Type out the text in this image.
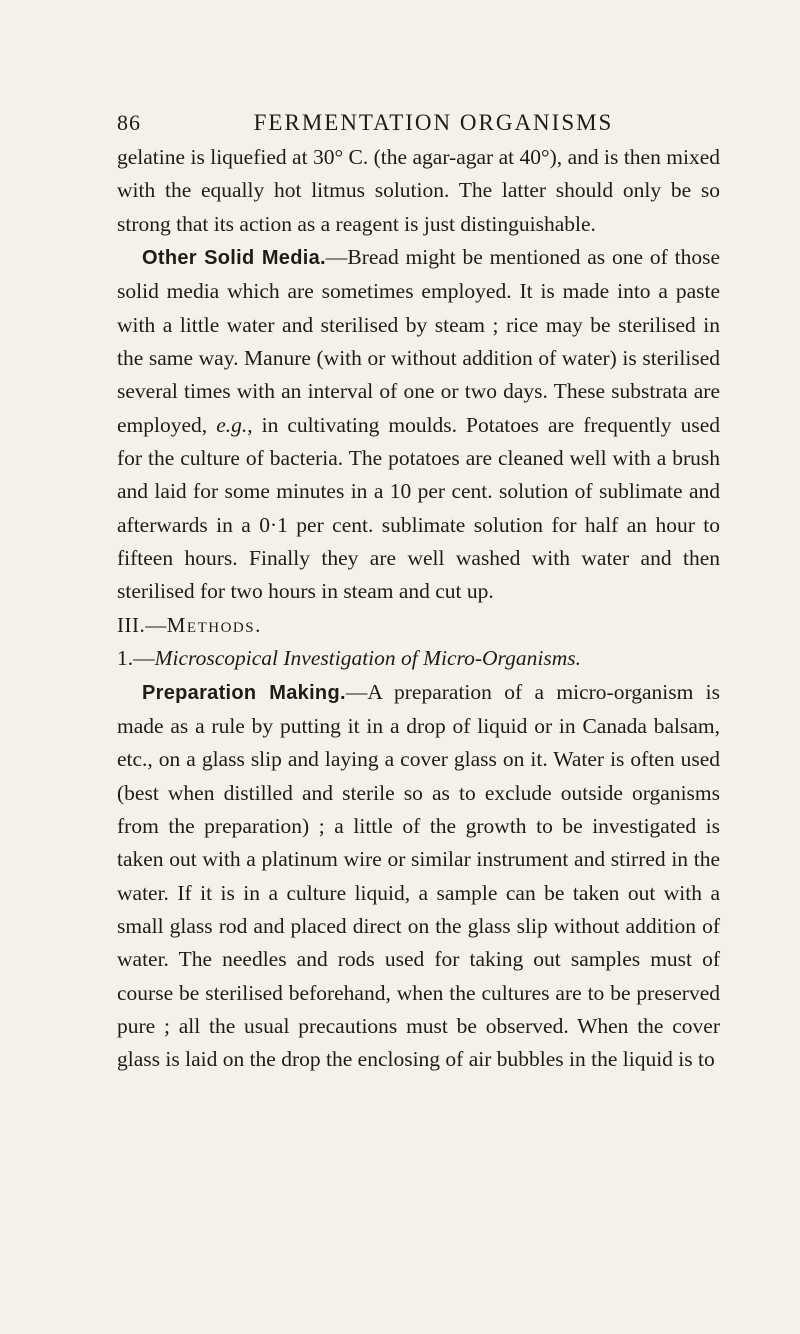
86	FERMENTATION ORGANISMS

gelatine is liquefied at 30° C. (the agar-agar at 40°), and is then mixed with the equally hot litmus solution. The latter should only be so strong that its action as a reagent is just distinguishable.

Other Solid Media.—Bread might be mentioned as one of those solid media which are sometimes employed. It is made into a paste with a little water and sterilised by steam ; rice may be sterilised in the same way. Manure (with or without addition of water) is sterilised several times with an interval of one or two days. These substrata are employed, e.g., in cultivating moulds. Potatoes are frequently used for the culture of bacteria. The potatoes are cleaned well with a brush and laid for some minutes in a 10 per cent. solution of sublimate and afterwards in a 0·1 per cent. sublimate solution for half an hour to fifteen hours. Finally they are well washed with water and then sterilised for two hours in steam and cut up.

III.—Methods.

1.—Microscopical Investigation of Micro-Organisms.

Preparation Making.—A preparation of a micro-organism is made as a rule by putting it in a drop of liquid or in Canada balsam, etc., on a glass slip and laying a cover glass on it. Water is often used (best when distilled and sterile so as to exclude outside organisms from the preparation) ; a little of the growth to be investigated is taken out with a platinum wire or similar instrument and stirred in the water. If it is in a culture liquid, a sample can be taken out with a small glass rod and placed direct on the glass slip without addition of water. The needles and rods used for taking out samples must of course be sterilised beforehand, when the cultures are to be preserved pure ; all the usual precautions must be observed. When the cover glass is laid on the drop the enclosing of air bubbles in the liquid is to
